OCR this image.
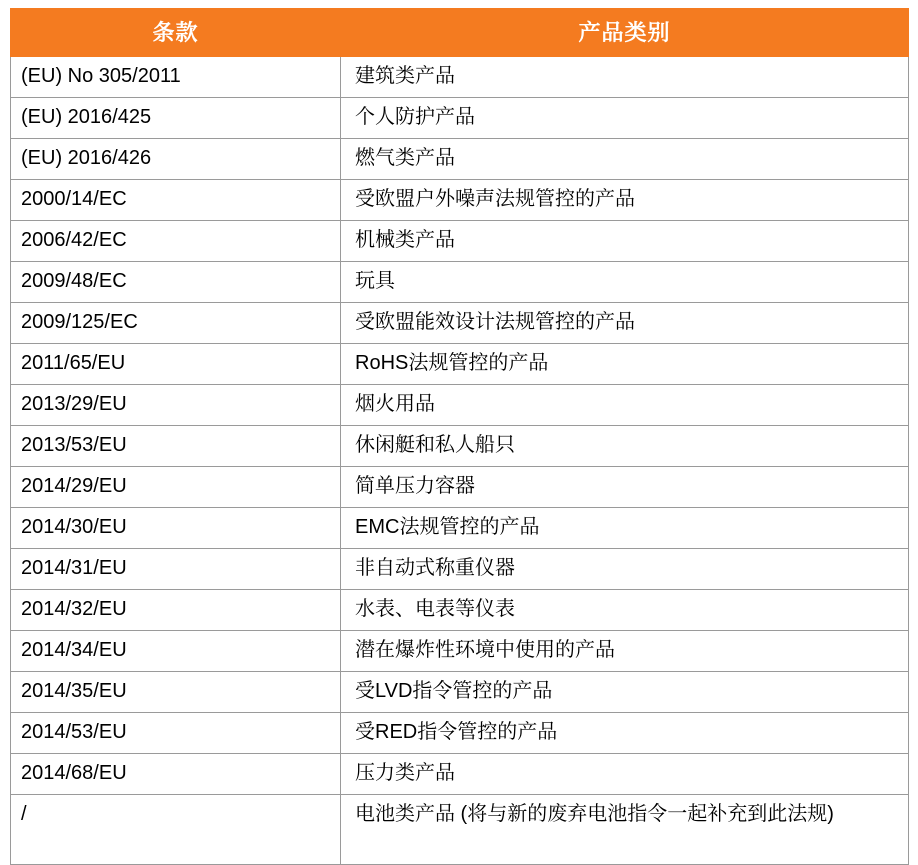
条款	产品类别
(EU) No 305/2011	建筑类产品
(EU) 2016/425	个人防护产品
(EU) 2016/426	燃气类产品
2000/14/EC	受欧盟户外噪声法规管控的产品
2006/42/EC	机械类产品
2009/48/EC	玩具
2009/125/EC	受欧盟能效设计法规管控的产品
2011/65/EU	RoHS法规管控的产品
2013/29/EU	烟火用品
2013/53/EU	休闲艇和私人船只
2014/29/EU	简单压力容器
2014/30/EU	EMC法规管控的产品
2014/31/EU	非自动式称重仪器
2014/32/EU	水表、电表等仪表
2014/34/EU	潜在爆炸性环境中使用的产品
2014/35/EU	受LVD指令管控的产品
2014/53/EU	受RED指令管控的产品
2014/68/EU	压力类产品
/	电池类产品 (将与新的废弃电池指令一起补充到此法规)
